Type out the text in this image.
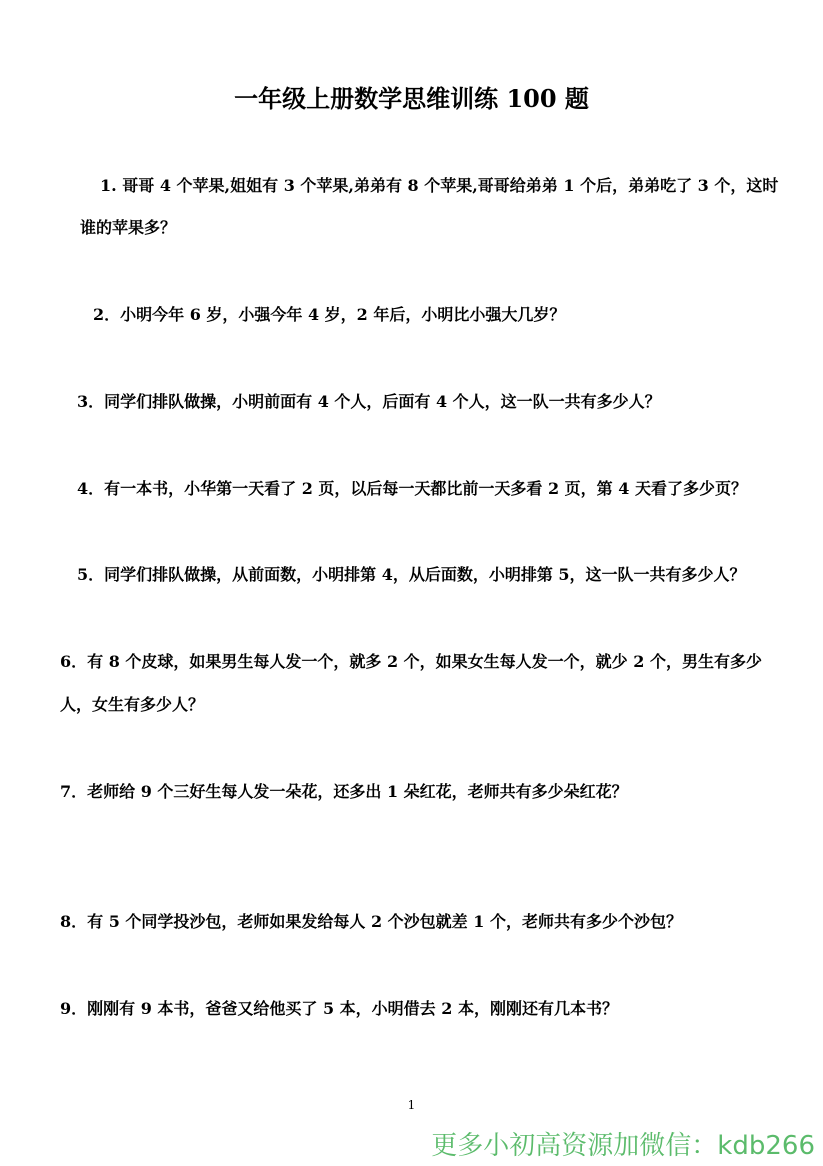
一年级上册数学思维训练 100 题
1. 哥哥 4 个苹果,姐姐有 3 个苹果,弟弟有 8 个苹果,哥哥给弟弟 1 个后，弟弟吃了 3 个，这时
谁的苹果多？
2．小明今年 6 岁，小强今年 4 岁，2 年后，小明比小强大几岁？
3．同学们排队做操，小明前面有 4 个人，后面有 4 个人，这一队一共有多少人？
4．有一本书，小华第一天看了 2 页，以后每一天都比前一天多看 2 页，第 4 天看了多少页？
5．同学们排队做操，从前面数，小明排第 4，从后面数，小明排第 5，这一队一共有多少人？
6．有 8 个皮球，如果男生每人发一个，就多 2 个，如果女生每人发一个，就少 2 个，男生有多少
人，女生有多少人？
7．老师给 9 个三好生每人发一朵花，还多出 1 朵红花，老师共有多少朵红花？
8．有 5 个同学投沙包，老师如果发给每人 2 个沙包就差 1 个，老师共有多少个沙包？
9．刚刚有 9 本书，爸爸又给他买了 5 本，小明借去 2 本，刚刚还有几本书？
1
更多小初高资源加微信：kdb266
